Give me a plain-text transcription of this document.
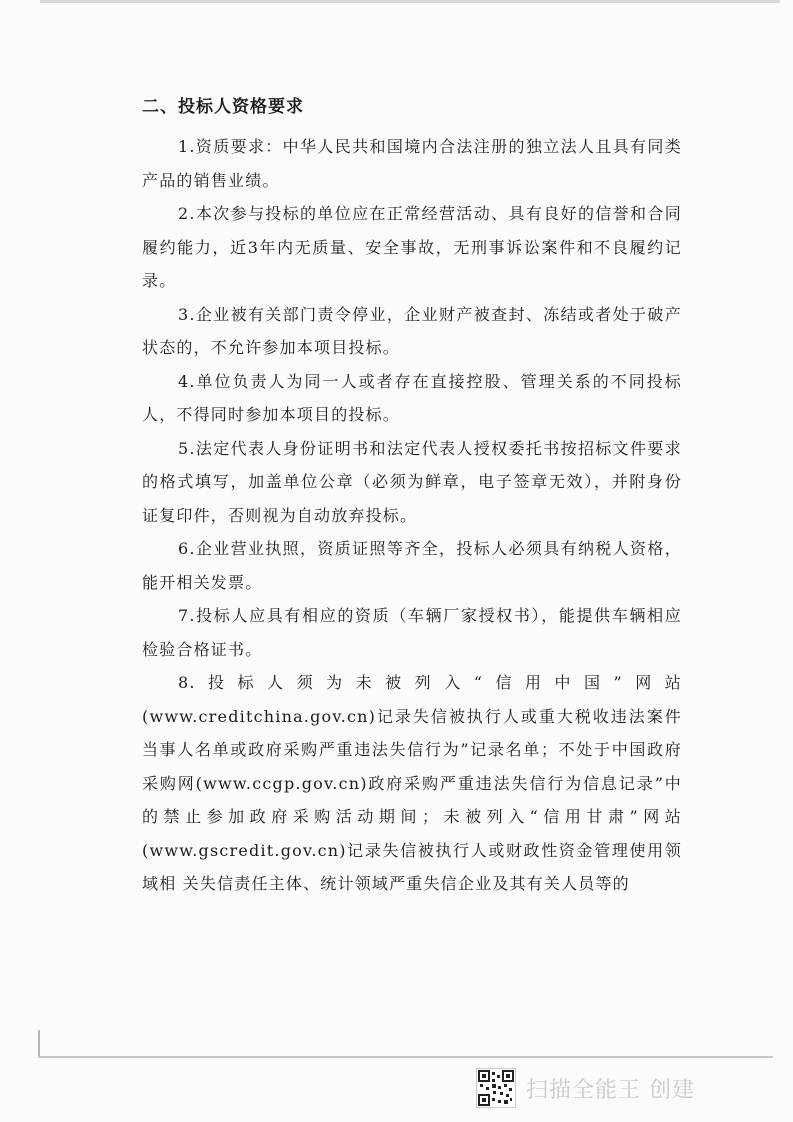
二、投标人资格要求

1.资质要求：中华人民共和国境内合法注册的独立法人且具有同类产品的销售业绩。

2.本次参与投标的单位应在正常经营活动、具有良好的信誉和合同履约能力，近3年内无质量、安全事故，无刑事诉讼案件和不良履约记录。

3.企业被有关部门责令停业，企业财产被查封、冻结或者处于破产状态的，不允许参加本项目投标。

4.单位负责人为同一人或者存在直接控股、管理关系的不同投标人，不得同时参加本项目的投标。

5.法定代表人身份证明书和法定代表人授权委托书按招标文件要求的格式填写，加盖单位公章（必须为鲜章，电子签章无效），并附身份证复印件，否则视为自动放弃投标。

6.企业营业执照，资质证照等齐全，投标人必须具有纳税人资格，能开相关发票。

7.投标人应具有相应的资质（车辆厂家授权书），能提供车辆相应检验合格证书。

8.投标人须为未被列入“信用中国”网站(www.creditchina.gov.cn)记录失信被执行人或重大税收违法案件当事人名单或政府采购严重违法失信行为”记录名单；不处于中国政府采购网(www.ccgp.gov.cn)政府采购严重违法失信行为信息记录”中的禁止参加政府采购活动期间；未被列入“信用甘肃”网站(www.gscredit.gov.cn)记录失信被执行人或财政性资金管理使用领域相 关失信责任主体、统计领域严重失信企业及其有关人员等的

扫描全能王 创建
